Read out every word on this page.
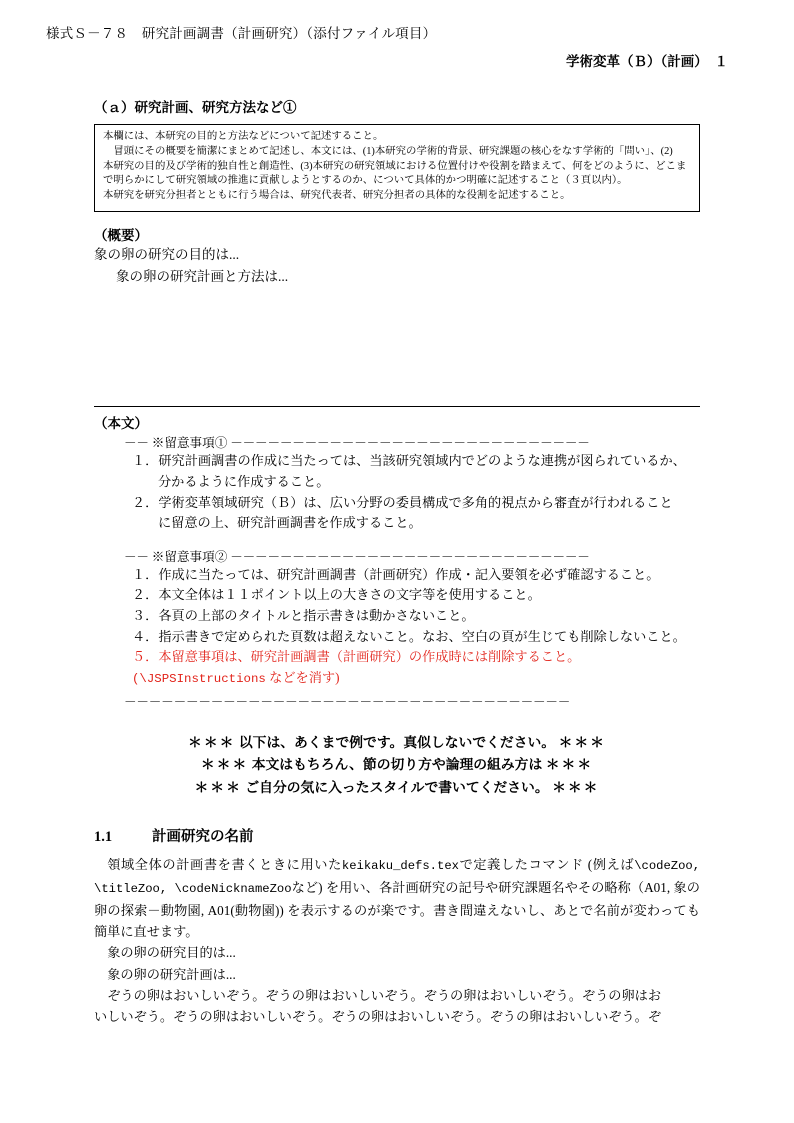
様式Ｓ－７８　研究計画調書（計画研究）（添付ファイル項目）
学術変革（Ｂ）（計画）　１
（ａ）研究計画、研究方法など①

本欄には、本研究の目的と方法などについて記述すること。

冒頭にその概要を簡潔にまとめて記述し、本文には、(1)本研究の学術的背景、研究課題の核心をなす学術的「問い」、(2)

本研究の目的及び学術的独自性と創造性、(3)本研究の研究領域における位置付けや役割を踏まえて、何をどのように、どこま

で明らかにして研究領域の推進に貢献しようとするのか、について具体的かつ明確に記述すること（３頁以内）。

本研究を研究分担者とともに行う場合は、研究代表者、研究分担者の具体的な役割を記述すること。

（概要）
象の卵の研究の目的は...
象の卵の研究計画と方法は...
（本文）
－－ ※留意事項① －－－－－－－－－－－－－－－－－－－－－－－－－－－－－
１．研究計画調書の作成に当たっては、当該研究領域内でどのような連携が図られているか、
分かるように作成すること。
２．学術変革領域研究（Ｂ）は、広い分野の委員構成で多角的視点から審査が行われること
に留意の上、研究計画調書を作成すること。
－－ ※留意事項② －－－－－－－－－－－－－－－－－－－－－－－－－－－－－
１．作成に当たっては、研究計画調書（計画研究）作成・記入要領を必ず確認すること。
２．本文全体は１１ポイント以上の大きさの文字等を使用すること。
３．各頁の上部のタイトルと指示書きは動かさないこと。
４．指示書きで定められた頁数は超えないこと。なお、空白の頁が生じても削除しないこと。
５．本留意事項は、研究計画調書（計画研究）の作成時には削除すること。(\JSPSInstructions などを消す)
－－－－－－－－－－－－－－－－－－－－－－－－－－－－－－－－－－－－
＊＊＊ 以下は、あくまで例です。真似しないでください。 ＊＊＊
＊＊＊ 本文はもちろん、節の切り方や論理の組み方は ＊＊＊
＊＊＊ ご自分の気に入ったスタイルで書いてください。 ＊＊＊
1.1	計画研究の名前

領域全体の計画書を書くときに用いたkeikaku_defs.texで定義したコマンド (例えば\codeZoo, \titleZoo, \codeNicknameZooなど) を用い、各計画研究の記号や研究課題名やその略称（A01, 象の卵の探索－動物園, A01(動物園)) を表示するのが楽です。書き間違えないし、あとで名前が変わっても簡単に直せます。

象の卵の研究目的は...

象の卵の研究計画は...

ぞうの卵はおいしいぞう。ぞうの卵はおいしいぞう。ぞうの卵はおいしいぞう。ぞうの卵はお

いしいぞう。ぞうの卵はおいしいぞう。ぞうの卵はおいしいぞう。ぞうの卵はおいしいぞう。ぞ
